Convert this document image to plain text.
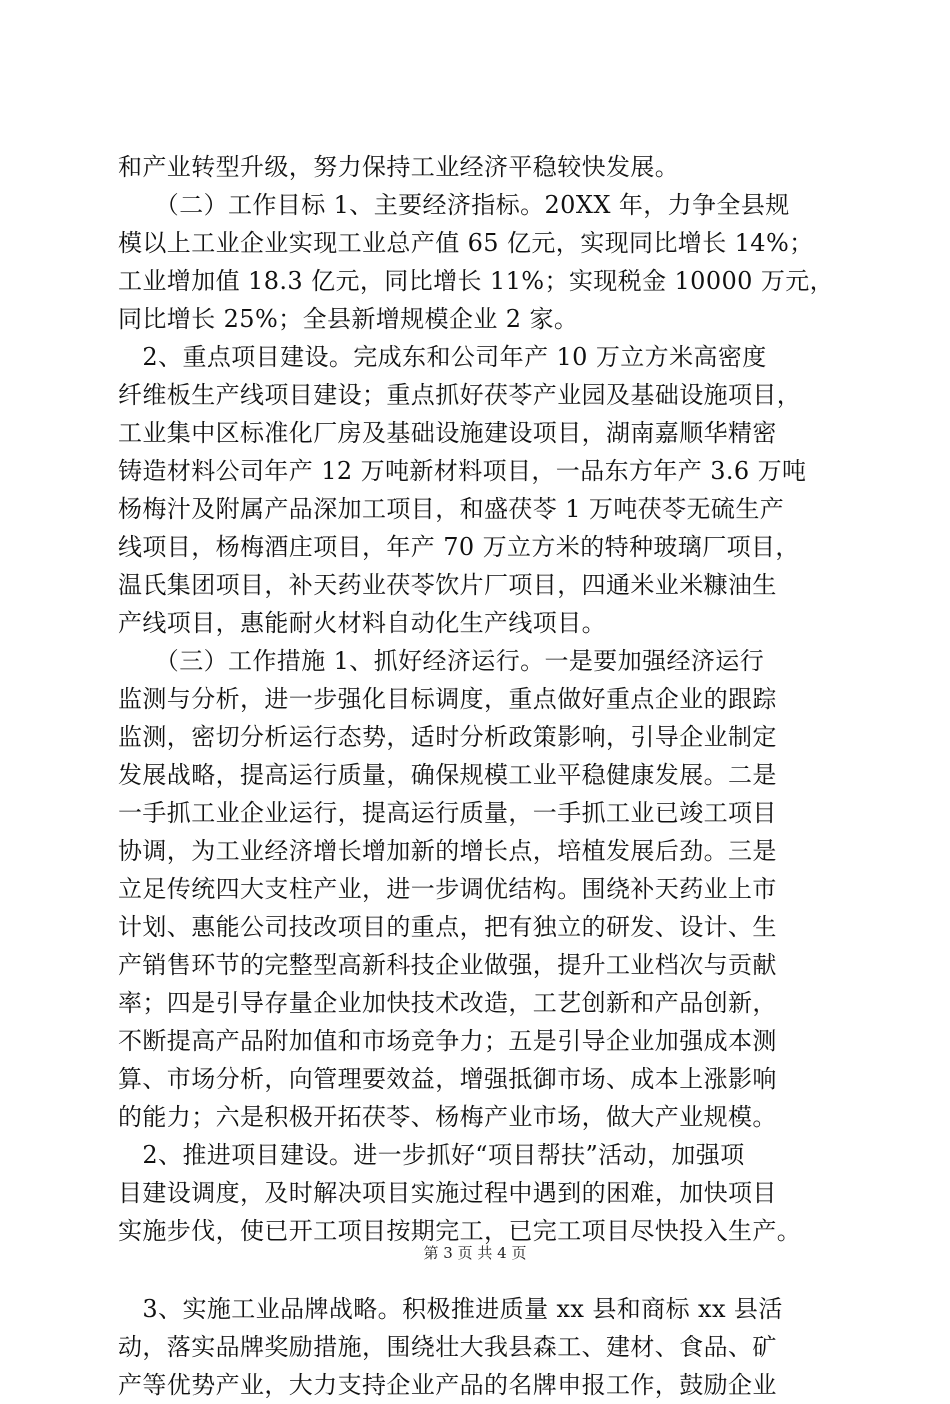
和产业转型升级，努力保持工业经济平稳较快发展。
　　（二）工作目标 1、主要经济指标。20XX 年，力争全县规
模以上工业企业实现工业总产值 65 亿元，实现同比增长 14%；
工业增加值 18.3 亿元，同比增长 11%；实现税金 10000 万元，
同比增长 25%；全县新增规模企业 2 家。
　2、重点项目建设。完成东和公司年产 10 万立方米高密度
纤维板生产线项目建设；重点抓好茯苓产业园及基础设施项目，
工业集中区标准化厂房及基础设施建设项目，湖南嘉顺华精密
铸造材料公司年产 12 万吨新材料项目，一品东方年产 3.6 万吨
杨梅汁及附属产品深加工项目，和盛茯苓 1 万吨茯苓无硫生产
线项目，杨梅酒庄项目，年产 70 万立方米的特种玻璃厂项目，
温氏集团项目，补天药业茯苓饮片厂项目，四通米业米糠油生
产线项目，惠能耐火材料自动化生产线项目。
　　（三）工作措施 1、抓好经济运行。一是要加强经济运行
监测与分析，进一步强化目标调度，重点做好重点企业的跟踪
监测，密切分析运行态势，适时分析政策影响，引导企业制定
发展战略，提高运行质量，确保规模工业平稳健康发展。二是
一手抓工业企业运行，提高运行质量，一手抓工业已竣工项目
协调，为工业经济增长增加新的增长点，培植发展后劲。三是
立足传统四大支柱产业，进一步调优结构。围绕补天药业上市
计划、惠能公司技改项目的重点，把有独立的研发、设计、生
产销售环节的完整型高新科技企业做强，提升工业档次与贡献
率；四是引导存量企业加快技术改造，工艺创新和产品创新，
不断提高产品附加值和市场竞争力；五是引导企业加强成本测
算、市场分析，向管理要效益，增强抵御市场、成本上涨影响
的能力；六是积极开拓茯苓、杨梅产业市场，做大产业规模。
　2、推进项目建设。进一步抓好“项目帮扶”活动，加强项
目建设调度，及时解决项目实施过程中遇到的困难，加快项目
实施步伐，使已开工项目按期完工，已完工项目尽快投入生产。
　3、实施工业品牌战略。积极推进质量 xx 县和商标 xx 县活
动，落实品牌奖励措施，围绕壮大我县森工、建材、食品、矿
产等优势产业，大力支持企业产品的名牌申报工作，鼓励企业
第 3 页 共 4 页
